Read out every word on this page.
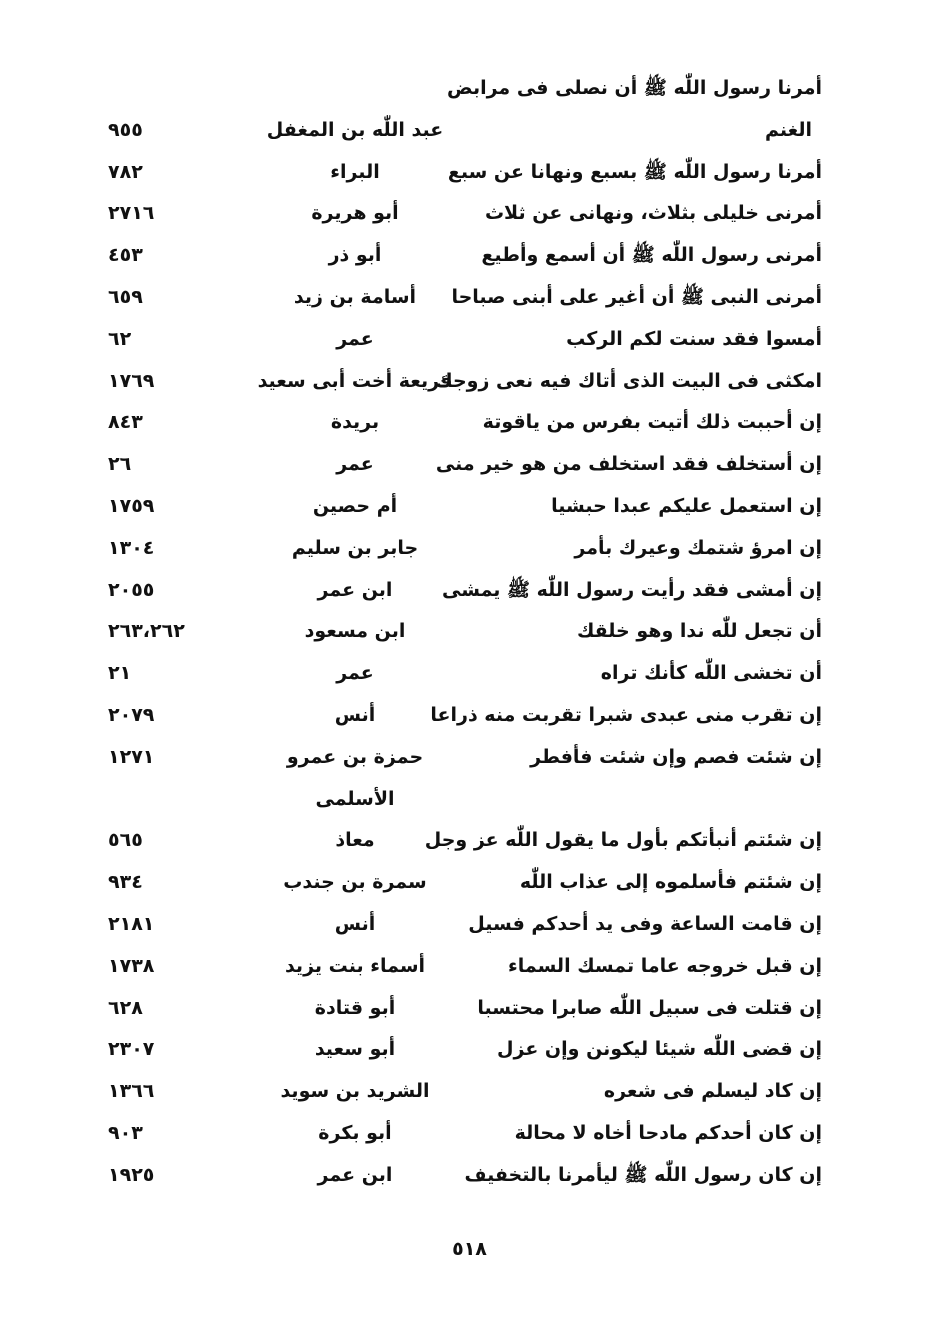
أمرنا رسول اللّٰه ﷺ أن نصلى فى مرابض
الغنم
عبد اللّٰه بن المغفل
٩٥٥
أمرنا رسول اللّٰه ﷺ بسبع ونهانا عن سبع
البراء
٧٨٢
أمرنى خليلى بثلاث، ونهانى عن ثلاث
أبو هريرة
٢٧١٦
أمرنى رسول اللّٰه ﷺ أن أسمع وأطيع
أبو ذر
٤٥٣
أمرنى النبى ﷺ أن أغير على أبنى صباحا
أسامة بن زيد
٦٥٩
أمسوا فقد سنت لكم الركب
عمر
٦٢
امكثى فى البيت الذى أتاك فيه نعى زوجك
فريعة أخت أبى سعيد
١٧٦٩
إن أحببت ذلك أتيت بفرس من ياقوتة
بريدة
٨٤٣
إن أستخلف فقد استخلف من هو خير منى
عمر
٢٦
إن استعمل عليكم عبدا حبشيا
أم حصين
١٧٥٩
إن امرؤ شتمك وعيرك بأمر
جابر بن سليم
١٣٠٤
إن أمشى فقد رأيت رسول اللّٰه ﷺ يمشى
ابن عمر
٢٠٥٥
أن تجعل للّٰه ندا وهو خلقك
ابن مسعود
٢٦٣،٢٦٢
أن تخشى اللّٰه كأنك تراه
عمر
٢١
إن تقرب منى عبدى شبرا تقربت منه ذراعا
أنس
٢٠٧٩
إن شئت فصم وإن شئت فأفطر
حمزة بن عمرو
١٢٧١
الأسلمى
إن شئتم أنبأتكم بأول ما يقول اللّٰه عز وجل
معاذ
٥٦٥
إن شئتم فأسلموه إلى عذاب اللّٰه
سمرة بن جندب
٩٣٤
إن قامت الساعة وفى يد أحدكم فسيل
أنس
٢١٨١
إن قبل خروجه عاما تمسك السماء
أسماء بنت يزيد
١٧٣٨
إن قتلت فى سبيل اللّٰه صابرا محتسبا
أبو قتادة
٦٢٨
إن قضى اللّٰه شيئا ليكونن وإن عزل
أبو سعيد
٢٣٠٧
إن كاد ليسلم فى شعره
الشريد بن سويد
١٣٦٦
إن كان أحدكم مادحا أخاه لا محالة
أبو بكرة
٩٠٣
إن كان رسول اللّٰه ﷺ ليأمرنا بالتخفيف
ابن عمر
١٩٢٥
٥١٨
